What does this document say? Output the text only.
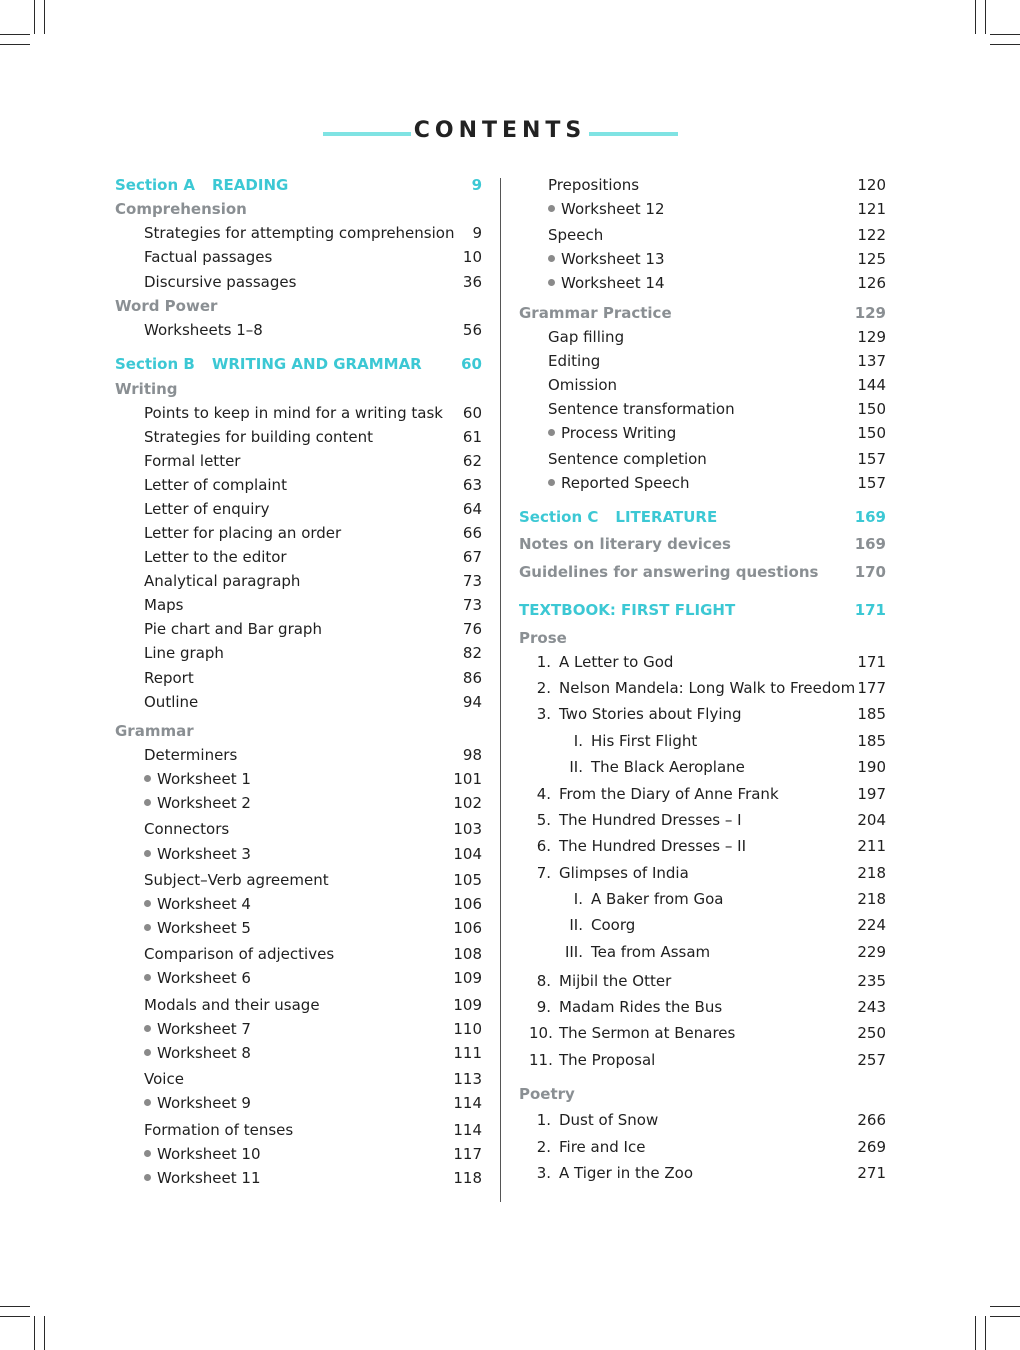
CONTENTS
Section A READING	9
Comprehension
Strategies for attempting comprehension 9
Factual passages	10
Discursive passages	36
Word Power
Worksheets 1–8	56
Section B WRITING AND GRAMMAR	60
Writing
Points to keep in mind for a writing task 60
Strategies for building content	61
Formal letter	62
Letter of complaint	63
Letter of enquiry	64
Letter for placing an order	66
Letter to the editor	67
Analytical paragraph	73
Maps	73
Pie chart and Bar graph	76
Line graph	82
Report	86
Outline	94
Grammar
Determiners	98
Worksheet 1	101
Worksheet 2	102
Connectors	103
Worksheet 3	104
Subject–Verb agreement	105
Worksheet 4	106
Worksheet 5	106
Comparison of adjectives	108
Worksheet 6	109
Modals and their usage	109
Worksheet 7	110
Worksheet 8	111
Voice	113
Worksheet 9	114
Formation of tenses	114
Worksheet 10	117
Worksheet 11	118
Prepositions	120
Worksheet 12	121
Speech	122
Worksheet 13	125
Worksheet 14	126
Grammar Practice	129
Gap filling	129
Editing	137
Omission	144
Sentence transformation	150
Process Writing	150
Sentence completion	157
Reported Speech	157
Section C LITERATURE	169
Notes on literary devices	169
Guidelines for answering questions 170
TEXTBOOK: FIRST FLIGHT	171
Prose
1. A Letter to God	171
2. Nelson Mandela: Long Walk to Freedom 177
3. Two Stories about Flying	185
I. His First Flight	185
II. The Black Aeroplane	190
4. From the Diary of Anne Frank	197
5. The Hundred Dresses – I	204
6. The Hundred Dresses – II	211
7. Glimpses of India	218
I. A Baker from Goa	218
II. Coorg	224
III. Tea from Assam	229
8. Mijbil the Otter	235
9. Madam Rides the Bus	243
10. The Sermon at Benares	250
11. The Proposal	257
Poetry
1. Dust of Snow	266
2. Fire and Ice	269
3. A Tiger in the Zoo	271
